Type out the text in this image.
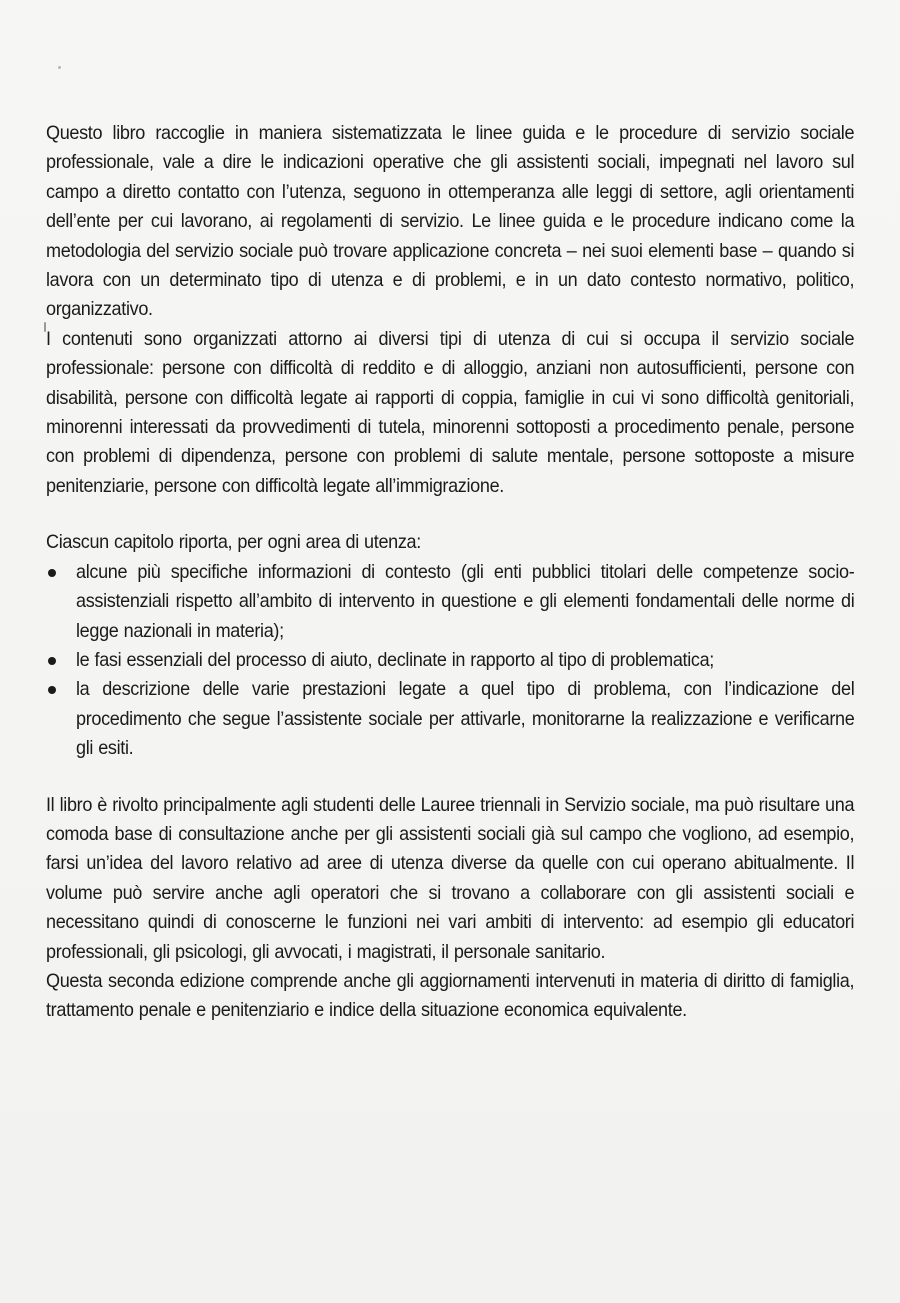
Questo libro raccoglie in maniera sistematizzata le linee guida e le procedure di servizio sociale professionale, vale a dire le indicazioni operative che gli assistenti sociali, impegnati nel lavoro sul campo a diretto contatto con l’utenza, seguono in ottemperanza alle leggi di settore, agli orientamenti dell’ente per cui lavorano, ai regolamenti di servizio. Le linee guida e le procedure indicano come la metodologia del servizio sociale può trovare applicazione concreta – nei suoi elementi base – quando si lavora con un determinato tipo di utenza e di problemi, e in un dato contesto normativo, politico, organizzativo.

I contenuti sono organizzati attorno ai diversi tipi di utenza di cui si occupa il servizio sociale professionale: persone con difficoltà di reddito e di alloggio, anziani non autosufficienti, persone con disabilità, persone con difficoltà legate ai rapporti di coppia, famiglie in cui vi sono difficoltà genitoriali, minorenni interessati da provvedimenti di tutela, minorenni sottoposti a procedimento penale, persone con problemi di dipendenza, persone con problemi di salute mentale, persone sottoposte a misure penitenziarie, persone con difficoltà legate all’immigrazione.

Ciascun capitolo riporta, per ogni area di utenza:

alcune più specifiche informazioni di contesto (gli enti pubblici titolari delle competenze socio-assistenziali rispetto all’ambito di intervento in questione e gli elementi fondamentali delle norme di legge nazionali in materia);
le fasi essenziali del processo di aiuto, declinate in rapporto al tipo di problematica;
la descrizione delle varie prestazioni legate a quel tipo di problema, con l’indicazione del procedimento che segue l’assistente sociale per attivarle, monitorarne la realizzazione e verificarne gli esiti.

Il libro è rivolto principalmente agli studenti delle Lauree triennali in Servizio sociale, ma può risultare una comoda base di consultazione anche per gli assistenti sociali già sul campo che vogliono, ad esempio, farsi un’idea del lavoro relativo ad aree di utenza diverse da quelle con cui operano abitualmente. Il volume può servire anche agli operatori che si trovano a collaborare con gli assistenti sociali e necessitano quindi di conoscerne le funzioni nei vari ambiti di intervento: ad esempio gli educatori professionali, gli psicologi, gli avvocati, i magistrati, il personale sanitario.

Questa seconda edizione comprende anche gli aggiornamenti intervenuti in materia di diritto di famiglia, trattamento penale e penitenziario e indice della situazione economica equivalente.
